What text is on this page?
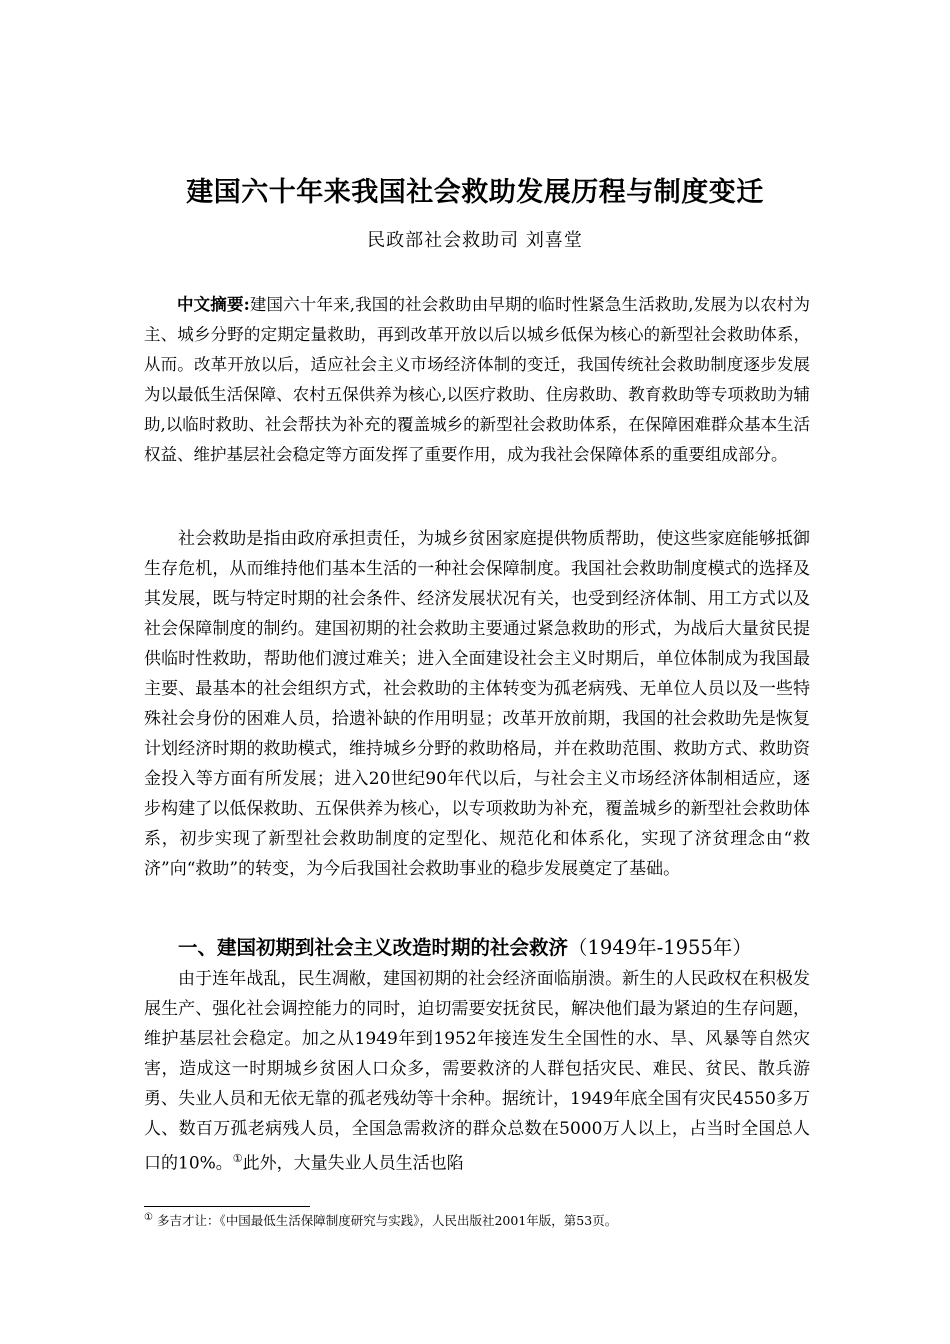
建国六十年来我国社会救助发展历程与制度变迁
民政部社会救助司 刘喜堂
中文摘要:建国六十年来,我国的社会救助由早期的临时性紧急生活救助,发展为以农村为主、城乡分野的定期定量救助，再到改革开放以后以城乡低保为核心的新型社会救助体系，从而。改革开放以后，适应社会主义市场经济体制的变迁，我国传统社会救助制度逐步发展为以最低生活保障、农村五保供养为核心,以医疗救助、住房救助、教育救助等专项救助为辅助,以临时救助、社会帮扶为补充的覆盖城乡的新型社会救助体系，在保障困难群众基本生活权益、维护基层社会稳定等方面发挥了重要作用，成为我社会保障体系的重要组成部分。
社会救助是指由政府承担责任，为城乡贫困家庭提供物质帮助，使这些家庭能够抵御生存危机，从而维持他们基本生活的一种社会保障制度。我国社会救助制度模式的选择及其发展，既与特定时期的社会条件、经济发展状况有关，也受到经济体制、用工方式以及社会保障制度的制约。建国初期的社会救助主要通过紧急救助的形式，为战后大量贫民提供临时性救助，帮助他们渡过难关；进入全面建设社会主义时期后，单位体制成为我国最主要、最基本的社会组织方式，社会救助的主体转变为孤老病残、无单位人员以及一些特殊社会身份的困难人员，拾遗补缺的作用明显；改革开放前期，我国的社会救助先是恢复计划经济时期的救助模式，维持城乡分野的救助格局，并在救助范围、救助方式、救助资金投入等方面有所发展；进入20世纪90年代以后，与社会主义市场经济体制相适应，逐步构建了以低保救助、五保供养为核心，以专项救助为补充，覆盖城乡的新型社会救助体系，初步实现了新型社会救助制度的定型化、规范化和体系化，实现了济贫理念由“救济”向“救助”的转变，为今后我国社会救助事业的稳步发展奠定了基础。
一、建国初期到社会主义改造时期的社会救济（1949年-1955年）
由于连年战乱，民生凋敝，建国初期的社会经济面临崩溃。新生的人民政权在积极发展生产、强化社会调控能力的同时，迫切需要安抚贫民，解决他们最为紧迫的生存问题，维护基层社会稳定。加之从1949年到1952年接连发生全国性的水、旱、风暴等自然灾害，造成这一时期城乡贫困人口众多，需要救济的人群包括灾民、难民、贫民、散兵游勇、失业人员和无依无靠的孤老残幼等十余种。据统计，1949年底全国有灾民4550多万人、数百万孤老病残人员，全国急需救济的群众总数在5000万人以上，占当时全国总人口的10%。①此外，大量失业人员生活也陷
① 多吉才让：《中国最低生活保障制度研究与实践》，人民出版社2001年版，第53页。
